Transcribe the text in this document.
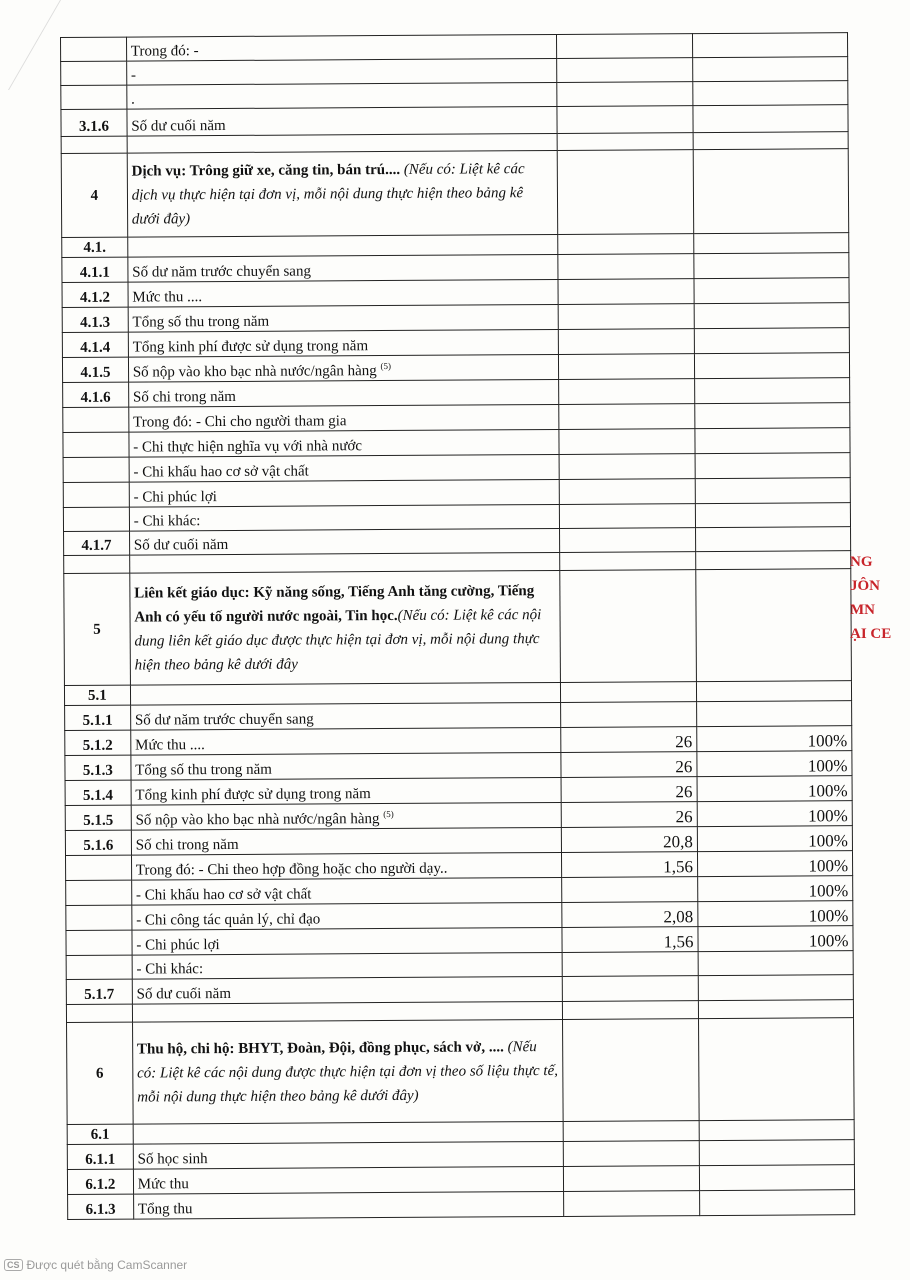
	Trong đó: -		
	-		
	.		
3.1.6	Số dư cuối năm		

4	Dịch vụ: Trông giữ xe, căng tin, bán trú.... (Nếu có: Liệt kê các dịch vụ thực hiện tại đơn vị, mỗi nội dung thực hiện theo bảng kê dưới đây)		
4.1.			
4.1.1	Số dư năm trước chuyển sang		
4.1.2	Mức thu ....		
4.1.3	Tổng số thu trong năm		
4.1.4	Tổng kinh phí được sử dụng trong năm		
4.1.5	Số nộp vào kho bạc nhà nước/ngân hàng $^{(5)}$		
4.1.6	Số chi trong năm		
	Trong đó: - Chi cho người tham gia		
	- Chi thực hiện nghĩa vụ với nhà nước		
	- Chi khấu hao cơ sở vật chất		
	- Chi phúc lợi		
	- Chi khác:		
4.1.7	Số dư cuối năm		

5	Liên kết giáo dục: Kỹ năng sống, Tiếng Anh tăng cường, Tiếng Anh có yếu tố người nước ngoài, Tin học.(Nếu có: Liệt kê các nội dung liên kết giáo dục được thực hiện tại đơn vị, mỗi nội dung thực hiện theo bảng kê dưới đây		
5.1			
5.1.1	Số dư năm trước chuyển sang		
5.1.2	Mức thu ....	26	100%
5.1.3	Tổng số thu trong năm	26	100%
5.1.4	Tổng kinh phí được sử dụng trong năm	26	100%
5.1.5	Số nộp vào kho bạc nhà nước/ngân hàng $^{(5)}$	26	100%
5.1.6	Số chi trong năm	20,8	100%
	Trong đó: - Chi theo hợp đồng hoặc cho người dạy..	1,56	100%
	- Chi khấu hao cơ sở vật chất		100%
	- Chi công tác quản lý, chỉ đạo	2,08	100%
	- Chi phúc lợi	1,56	100%
	- Chi khác:		
5.1.7	Số dư cuối năm		

6	Thu hộ, chi hộ: BHYT, Đoàn, Đội, đồng phục, sách vở, .... (Nếu có: Liệt kê các nội dung được thực hiện tại đơn vị theo số liệu thực tế, mỗi nội dung thực hiện theo bảng kê dưới đây)		
6.1			
6.1.1	Số học sinh		
6.1.2	Mức thu		
6.1.3	Tổng thu		
NG
JÔN
MN
ẠI CE
CS Được quét bằng CamScanner
